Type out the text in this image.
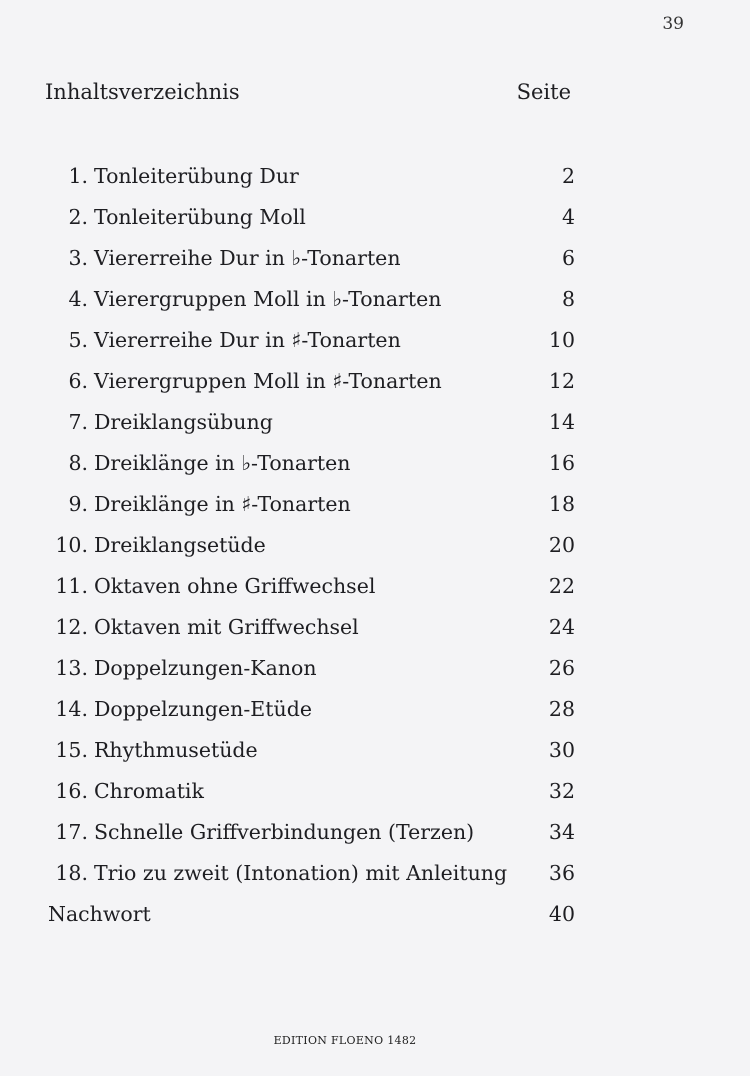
39
Inhaltsverzeichnis	Seite
1. Tonleiterübung Dur	2
2. Tonleiterübung Moll	4
3. Viererreihe Dur in ♭-Tonarten	6
4. Vierergruppen Moll in ♭-Tonarten	8
5. Viererreihe Dur in ♯-Tonarten	10
6. Vierergruppen Moll in ♯-Tonarten	12
7. Dreiklangsübung	14
8. Dreiklänge in ♭-Tonarten	16
9. Dreiklänge in ♯-Tonarten	18
10. Dreiklangsetüde	20
11. Oktaven ohne Griffwechsel	22
12. Oktaven mit Griffwechsel	24
13. Doppelzungen-Kanon	26
14. Doppelzungen-Etüde	28
15. Rhythmusetüde	30
16. Chromatik	32
17. Schnelle Griffverbindungen (Terzen)	34
18. Trio zu zweit (Intonation) mit Anleitung 36
Nachwort	40
EDITION FLOENO 1482
